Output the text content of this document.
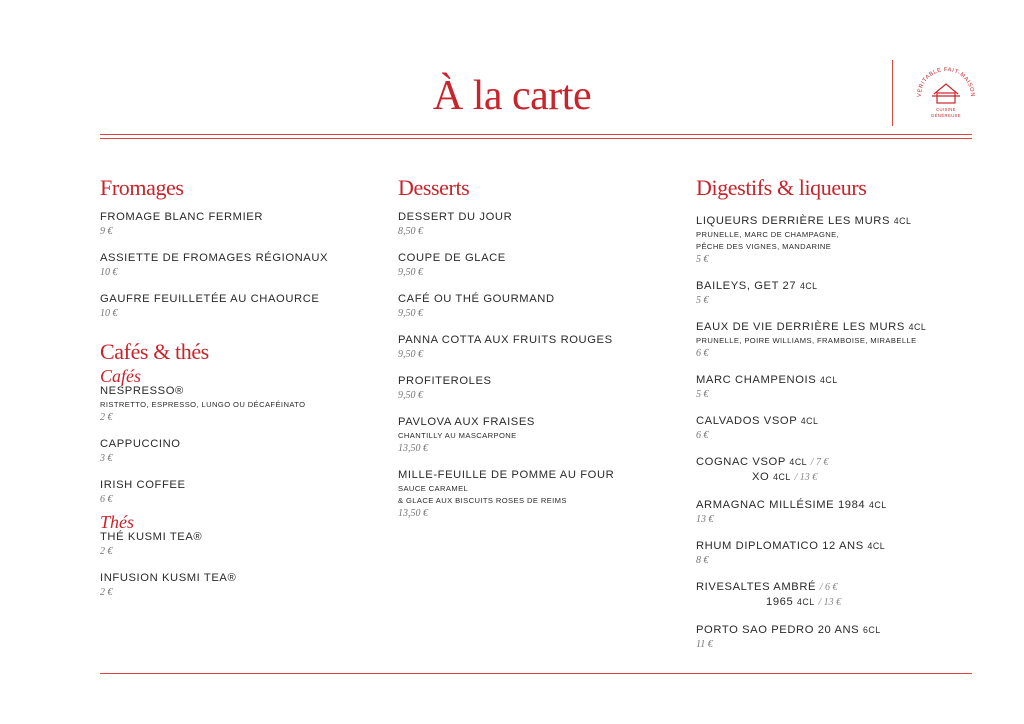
À la carte	VÉRITABLE FAIT-MAISON
CUISINE
GÉNÉREUSE
Fromages
FROMAGE BLANC FERMIER
9 €
ASSIETTE DE FROMAGES RÉGIONAUX
10 €
GAUFRE FEUILLETÉE AU CHAOURCE
10 €
Cafés & thés
Cafés
NESPRESSO®
RISTRETTO, ESPRESSO, LUNGO OU DÉCAFÉINATO
2 €
CAPPUCCINO
3 €
IRISH COFFEE
6 €
Thés
THÉ KUSMI TEA®
2 €
INFUSION KUSMI TEA®
2 €
Desserts
DESSERT DU JOUR
8,50 €
COUPE DE GLACE
9,50 €
CAFÉ OU THÉ GOURMAND
9,50 €
PANNA COTTA AUX FRUITS ROUGES
9,50 €
PROFITEROLES
9,50 €
PAVLOVA AUX FRAISES
CHANTILLY AU MASCARPONE
13,50 €
MILLE-FEUILLE DE POMME AU FOUR
SAUCE CARAMEL
& GLACE AUX BISCUITS ROSES DE REIMS
13,50 €
Digestifs & liqueurs
LIQUEURS DERRIÈRE LES MURS 4CL
PRUNELLE, MARC DE CHAMPAGNE,
PÊCHE DES VIGNES, MANDARINE
5 €
BAILEYS, GET 27 4CL
5 €
EAUX DE VIE DERRIÈRE LES MURS 4CL
PRUNELLE, POIRE WILLIAMS, FRAMBOISE, MIRABELLE
6 €
MARC CHAMPENOIS 4CL
5 €
CALVADOS VSOP 4CL
6 €
COGNAC VSOP 4CL / 7 €
XO 4CL / 13 €
ARMAGNAC MILLÉSIME 1984 4CL
13 €
RHUM DIPLOMATICO 12 ANS 4CL
8 €
RIVESALTES AMBRÉ / 6 €
1965 4CL / 13 €
PORTO SAO PEDRO 20 ANS 6CL
11 €
